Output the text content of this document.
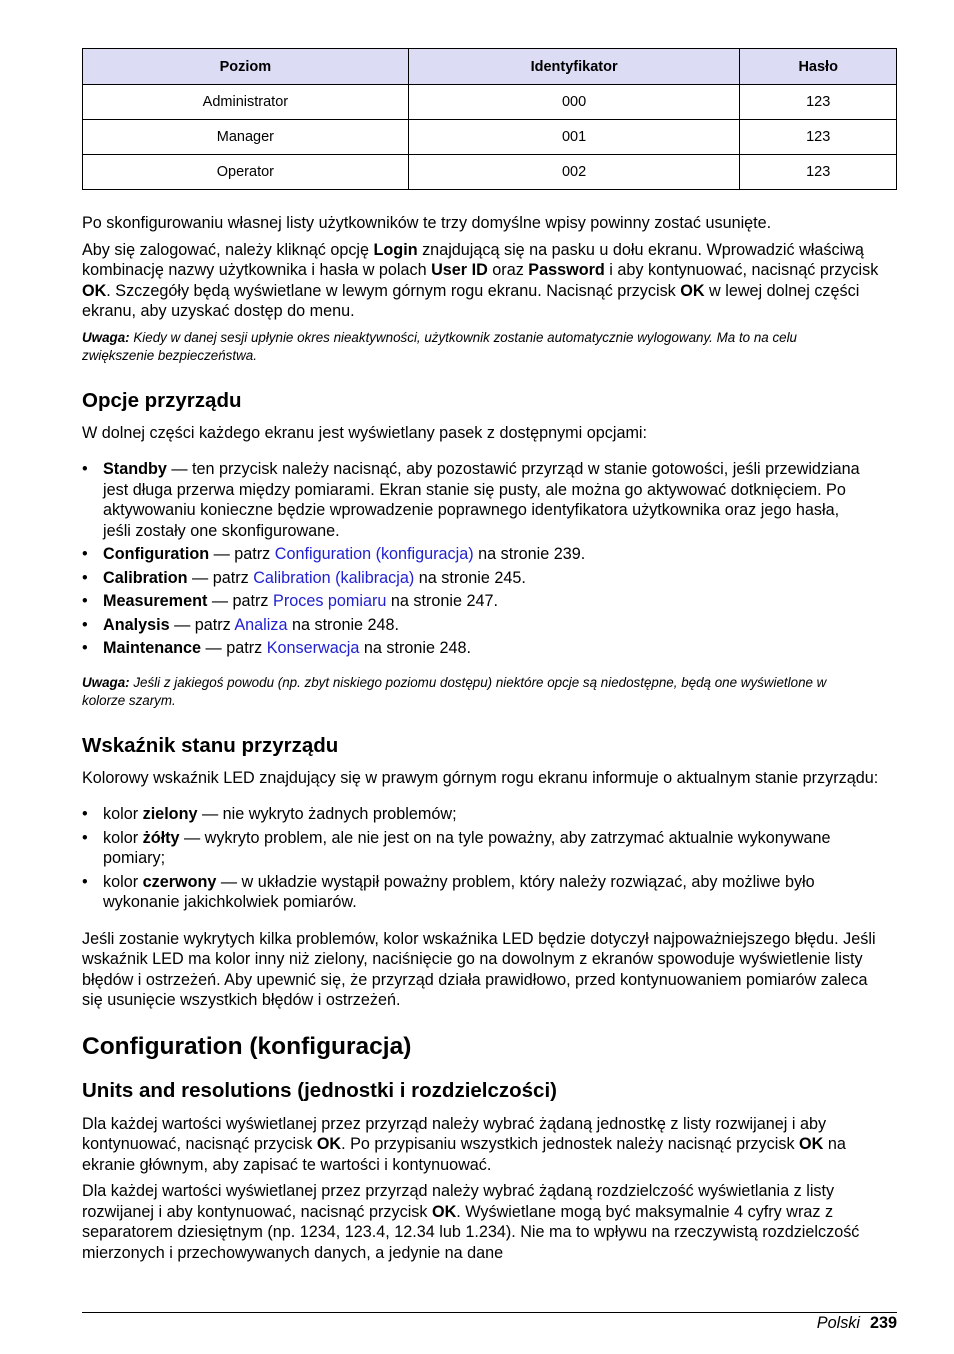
Poziom	Identyfikator	Hasło
Administrator	000	123
Manager	001	123
Operator	002	123

Po skonfigurowaniu własnej listy użytkowników te trzy domyślne wpisy powinny zostać usunięte.

Aby się zalogować, należy kliknąć opcję Login znajdującą się na pasku u dołu ekranu. Wprowadzić właściwą kombinację nazwy użytkownika i hasła w polach User ID oraz Password i aby kontynuować, nacisnąć przycisk OK. Szczegóły będą wyświetlane w lewym górnym rogu ekranu. Nacisnąć przycisk OK w lewej dolnej części ekranu, aby uzyskać dostęp do menu.

Uwaga: Kiedy w danej sesji upłynie okres nieaktywności, użytkownik zostanie automatycznie wylogowany. Ma to na celu zwiększenie bezpieczeństwa.

Opcje przyrządu

W dolnej części każdego ekranu jest wyświetlany pasek z dostępnymi opcjami:

• Standby — ten przycisk należy nacisnąć, aby pozostawić przyrząd w stanie gotowości, jeśli przewidziana jest długa przerwa między pomiarami. Ekran stanie się pusty, ale można go aktywować dotknięciem. Po aktywowaniu konieczne będzie wprowadzenie poprawnego identyfikatora użytkownika oraz jego hasła, jeśli zostały one skonfigurowane.
• Configuration — patrz Configuration (konfiguracja) na stronie 239.
• Calibration — patrz Calibration (kalibracja) na stronie 245.
• Measurement — patrz Proces pomiaru na stronie 247.
• Analysis — patrz Analiza na stronie 248.
• Maintenance — patrz Konserwacja na stronie 248.

Uwaga: Jeśli z jakiegoś powodu (np. zbyt niskiego poziomu dostępu) niektóre opcje są niedostępne, będą one wyświetlone w kolorze szarym.

Wskaźnik stanu przyrządu

Kolorowy wskaźnik LED znajdujący się w prawym górnym rogu ekranu informuje o aktualnym stanie przyrządu:

• kolor zielony — nie wykryto żadnych problemów;
• kolor żółty — wykryto problem, ale nie jest on na tyle poważny, aby zatrzymać aktualnie wykonywane pomiary;
• kolor czerwony — w układzie wystąpił poważny problem, który należy rozwiązać, aby możliwe było wykonanie jakichkolwiek pomiarów.

Jeśli zostanie wykrytych kilka problemów, kolor wskaźnika LED będzie dotyczył najpoważniejszego błędu. Jeśli wskaźnik LED ma kolor inny niż zielony, naciśnięcie go na dowolnym z ekranów spowoduje wyświetlenie listy błędów i ostrzeżeń. Aby upewnić się, że przyrząd działa prawidłowo, przed kontynuowaniem pomiarów zaleca się usunięcie wszystkich błędów i ostrzeżeń.

Configuration (konfiguracja)
Units and resolutions (jednostki i rozdzielczości)

Dla każdej wartości wyświetlanej przez przyrząd należy wybrać żądaną jednostkę z listy rozwijanej i aby kontynuować, nacisnąć przycisk OK. Po przypisaniu wszystkich jednostek należy nacisnąć przycisk OK na ekranie głównym, aby zapisać te wartości i kontynuować.

Dla każdej wartości wyświetlanej przez przyrząd należy wybrać żądaną rozdzielczość wyświetlania z listy rozwijanej i aby kontynuować, nacisnąć przycisk OK. Wyświetlane mogą być maksymalnie 4 cyfry wraz z separatorem dziesiętnym (np. 1234, 123.4, 12.34 lub 1.234). Nie ma to wpływu na rzeczywistą rozdzielczość mierzonych i przechowywanych danych, a jedynie na dane

Polski 239
